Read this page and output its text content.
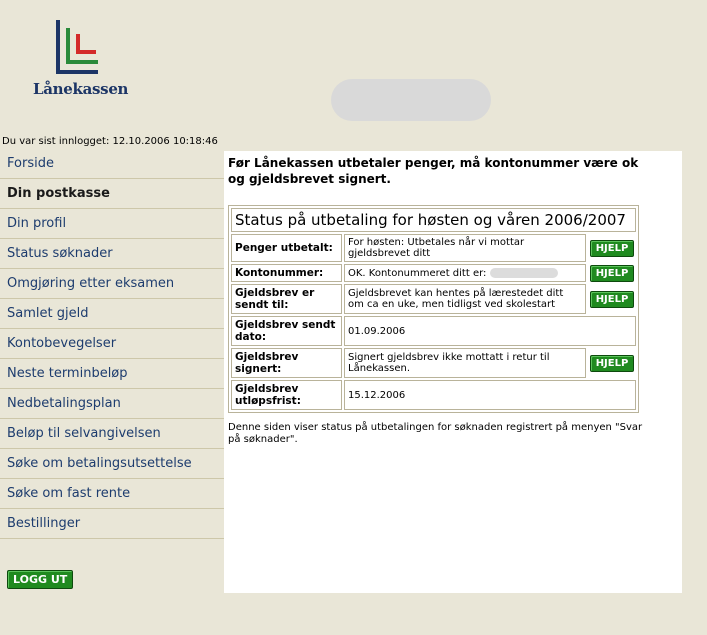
Lånekassen
Du var sist innlogget: 12.10.2006 10:18:46
Forside
Din postkasse
Din profil
Status søknader
Omgjøring etter eksamen
Samlet gjeld
Kontobevegelser
Neste terminbeløp
Nedbetalingsplan
Beløp til selvangivelsen
Søke om betalingsutsettelse
Søke om fast rente
Bestillinger
LOGG UT
Før Lånekassen utbetaler penger, må kontonummer være ok og gjeldsbrevet signert.
Status på utbetaling for høsten og våren 2006/2007		
Penger utbetalt:	For høsten: Utbetales når vi mottar gjeldsbrevet ditt	HJELP
Kontonummer:	OK. Kontonummeret ditt er:	HJELP
Gjeldsbrev er sendt til:	Gjeldsbrevet kan hentes på lærestedet ditt om ca en uke, men tidligst ved skolestart	HJELP
Gjeldsbrev sendt dato:	01.09.2006	
Gjeldsbrev signert:	Signert gjeldsbrev ikke mottatt i retur til Lånekassen.	HJELP
Gjeldsbrev utløpsfrist:	15.12.2006	
Denne siden viser status på utbetalingen for søknaden registrert på menyen "Svar på søknader".
